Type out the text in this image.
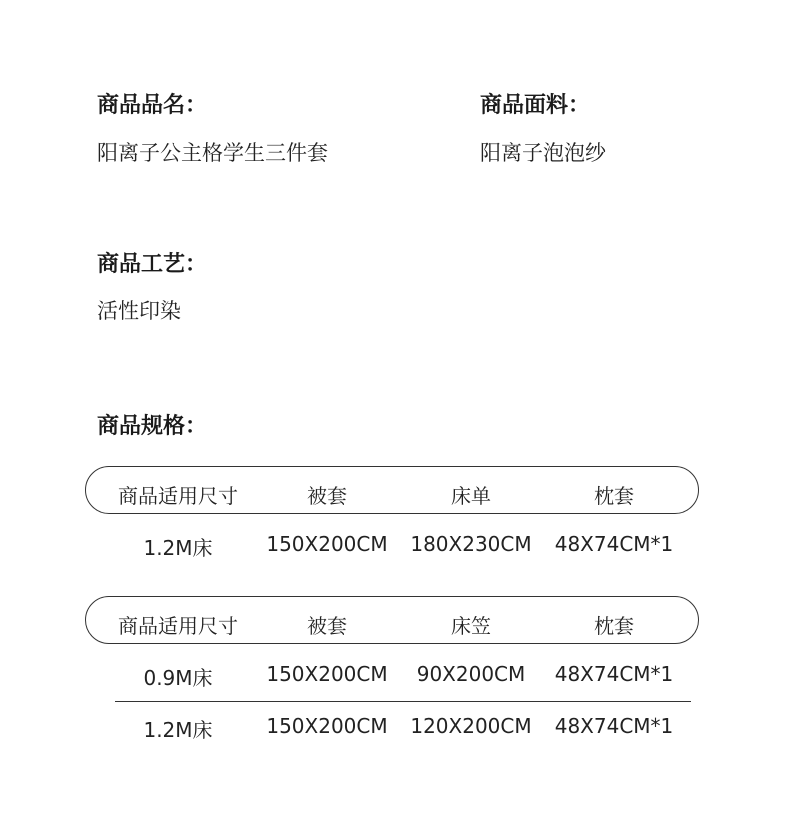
商品品名：
阳离子公主格学生三件套
商品面料：
阳离子泡泡纱
商品工艺：
活性印染
商品规格：
商品适用尺寸	被套	床单	枕套
1.2M床	150X200CM	180X230CM	48X74CM*1
商品适用尺寸	被套	床笠	枕套
0.9M床	150X200CM	90X200CM	48X74CM*1
1.2M床	150X200CM	120X200CM	48X74CM*1
